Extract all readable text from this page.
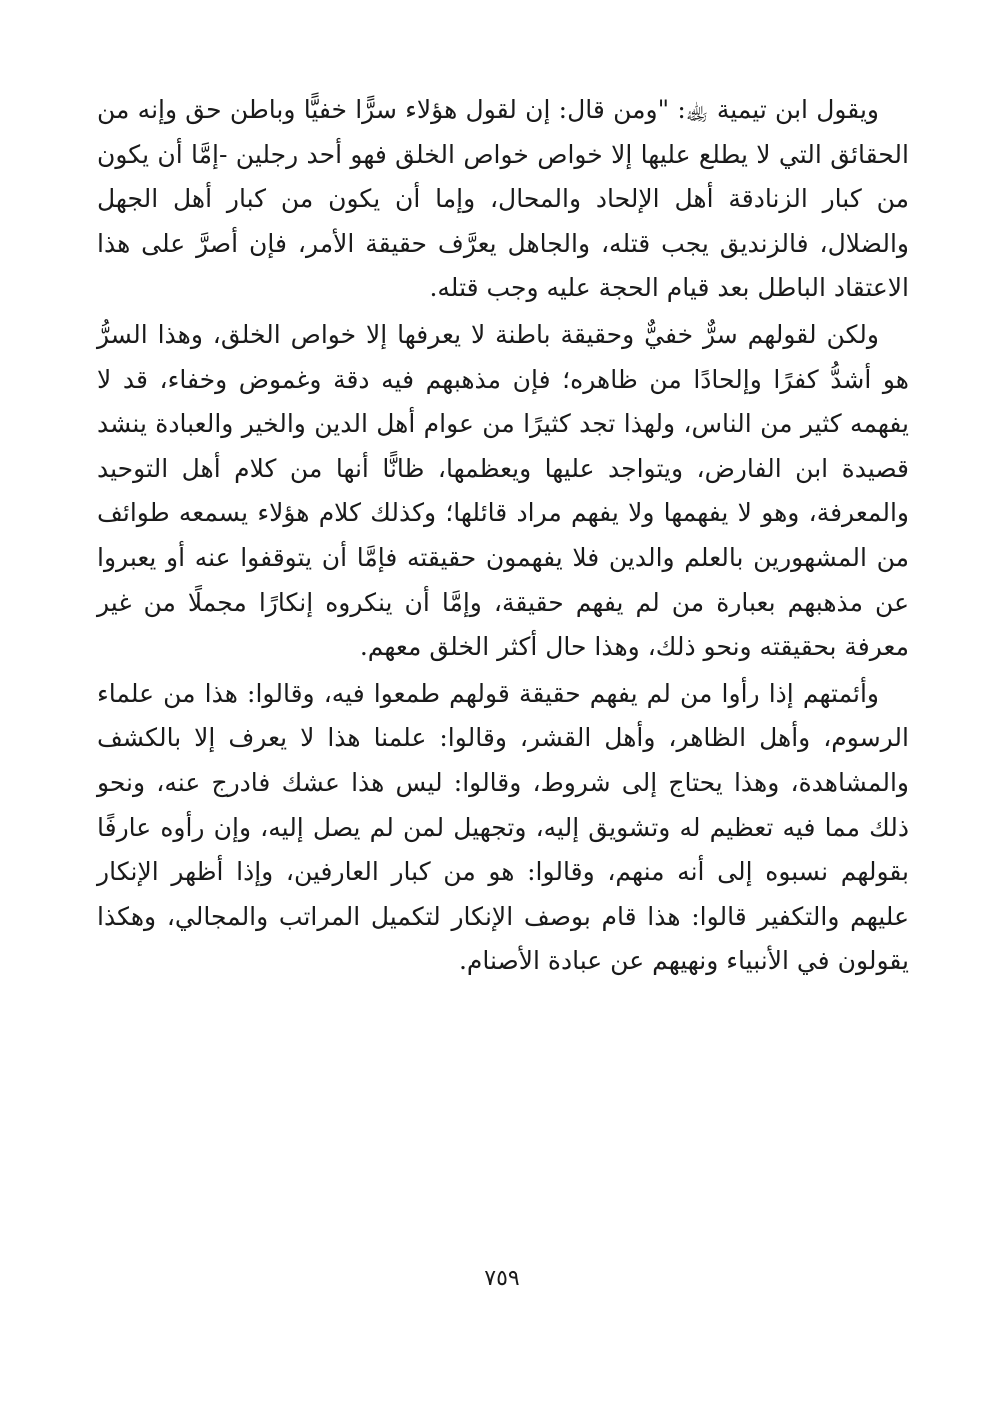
ويقول ابن تيمية ﵀: "ومن قال: إن لقول هؤلاء سرًّا خفيًّا وباطن حق وإنه من الحقائق التي لا يطلع عليها إلا خواص خواص الخلق فهو أحد رجلين -إمَّا أن يكون من كبار الزنادقة أهل الإلحاد والمحال، وإما أن يكون من كبار أهل الجهل والضلال، فالزنديق يجب قتله، والجاهل يعرَّف حقيقة الأمر، فإن أصرَّ على هذا الاعتقاد الباطل بعد قيام الحجة عليه وجب قتله.

ولكن لقولهم سرٌّ خفيٌّ وحقيقة باطنة لا يعرفها إلا خواص الخلق، وهذا السرُّ هو أشدُّ كفرًا وإلحادًا من ظاهره؛ فإن مذهبهم فيه دقة وغموض وخفاء، قد لا يفهمه كثير من الناس، ولهذا تجد كثيرًا من عوام أهل الدين والخير والعبادة ينشد قصيدة ابن الفارض، ويتواجد عليها ويعظمها، ظانًّا أنها من كلام أهل التوحيد والمعرفة، وهو لا يفهمها ولا يفهم مراد قائلها؛ وكذلك كلام هؤلاء يسمعه طوائف من المشهورين بالعلم والدين فلا يفهمون حقيقته فإمَّا أن يتوقفوا عنه أو يعبروا عن مذهبهم بعبارة من لم يفهم حقيقة، وإمَّا أن ينكروه إنكارًا مجملًا من غير معرفة بحقيقته ونحو ذلك، وهذا حال أكثر الخلق معهم.

وأئمتهم إذا رأوا من لم يفهم حقيقة قولهم طمعوا فيه، وقالوا: هذا من علماء الرسوم، وأهل الظاهر، وأهل القشر، وقالوا: علمنا هذا لا يعرف إلا بالكشف والمشاهدة، وهذا يحتاج إلى شروط، وقالوا: ليس هذا عشك فادرج عنه، ونحو ذلك مما فيه تعظيم له وتشويق إليه، وتجهيل لمن لم يصل إليه، وإن رأوه عارفًا بقولهم نسبوه إلى أنه منهم، وقالوا: هو من كبار العارفين، وإذا أظهر الإنكار عليهم والتكفير قالوا: هذا قام بوصف الإنكار لتكميل المراتب والمجالي، وهكذا يقولون في الأنبياء ونهيهم عن عبادة الأصنام.

٧٥٩
